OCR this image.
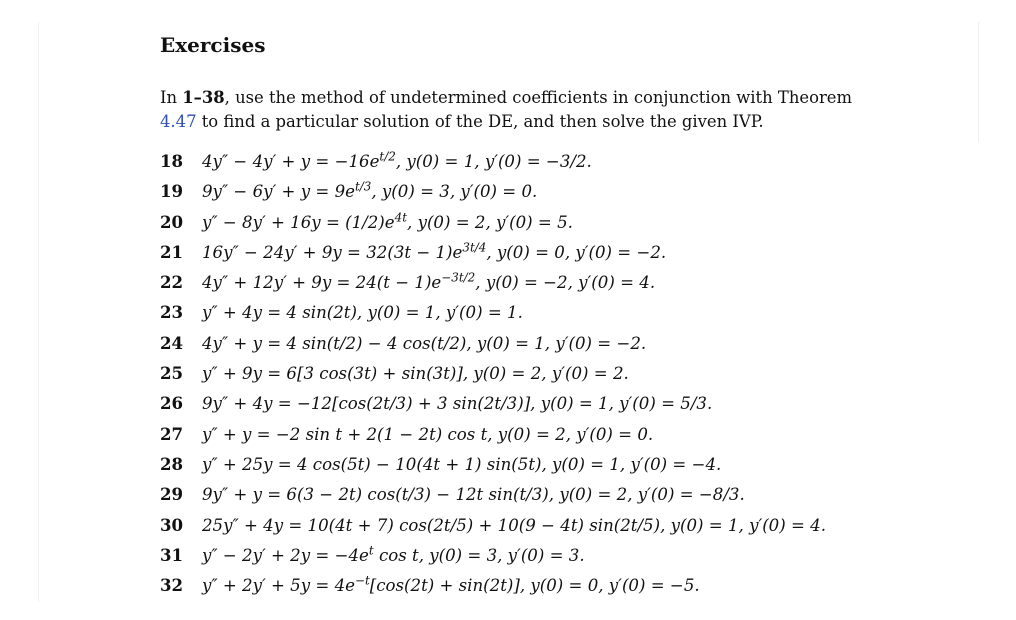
Exercises
In 1–38, use the method of undetermined coefficients in conjunction with Theorem 4.47 to find a particular solution of the DE, and then solve the given IVP.
18	$4y'' - 4y' + y = -16e^{t/2}$, y(0) = 1, y′(0) = −3/2.
19	$9y'' - 6y' + y = 9e^{t/3}$, y(0) = 3, y′(0) = 0.
20	$y'' - 8y' + 16y = (1/2)e^{4t}$, y(0) = 2, y′(0) = 5.
21	$16y'' - 24y' + 9y = 32(3t - 1)e^{3t/4}$, y(0) = 0, y′(0) = −2.
22	$4y'' + 12y' + 9y = 24(t - 1)e^{-3t/2}$, y(0) = −2, y′(0) = 4.
23	y″ + 4y = 4 sin(2t), y(0) = 1, y′(0) = 1.
24	4y″ + y = 4 sin(t/2) − 4 cos(t/2), y(0) = 1, y′(0) = −2.
25	y″ + 9y = 6[3 cos(3t) + sin(3t)], y(0) = 2, y′(0) = 2.
26	9y″ + 4y = −12[cos(2t/3) + 3 sin(2t/3)], y(0) = 1, y′(0) = 5/3.
27	y″ + y = −2 sin t + 2(1 − 2t) cos t, y(0) = 2, y′(0) = 0.
28	y″ + 25y = 4 cos(5t) − 10(4t + 1) sin(5t), y(0) = 1, y′(0) = −4.
29	9y″ + y = 6(3 − 2t) cos(t/3) − 12t sin(t/3), y(0) = 2, y′(0) = −8/3.
30	25y″ + 4y = 10(4t + 7) cos(2t/5) + 10(9 − 4t) sin(2t/5), y(0) = 1, y′(0) = 4.
31	$y'' - 2y' + 2y = -4e^t$ cos t, y(0) = 3, y′(0) = 3.
32	$y'' + 2y' + 5y = 4e^{-t}[\cos(2t) + \sin(2t)]$, y(0) = 0, y′(0) = −5.
